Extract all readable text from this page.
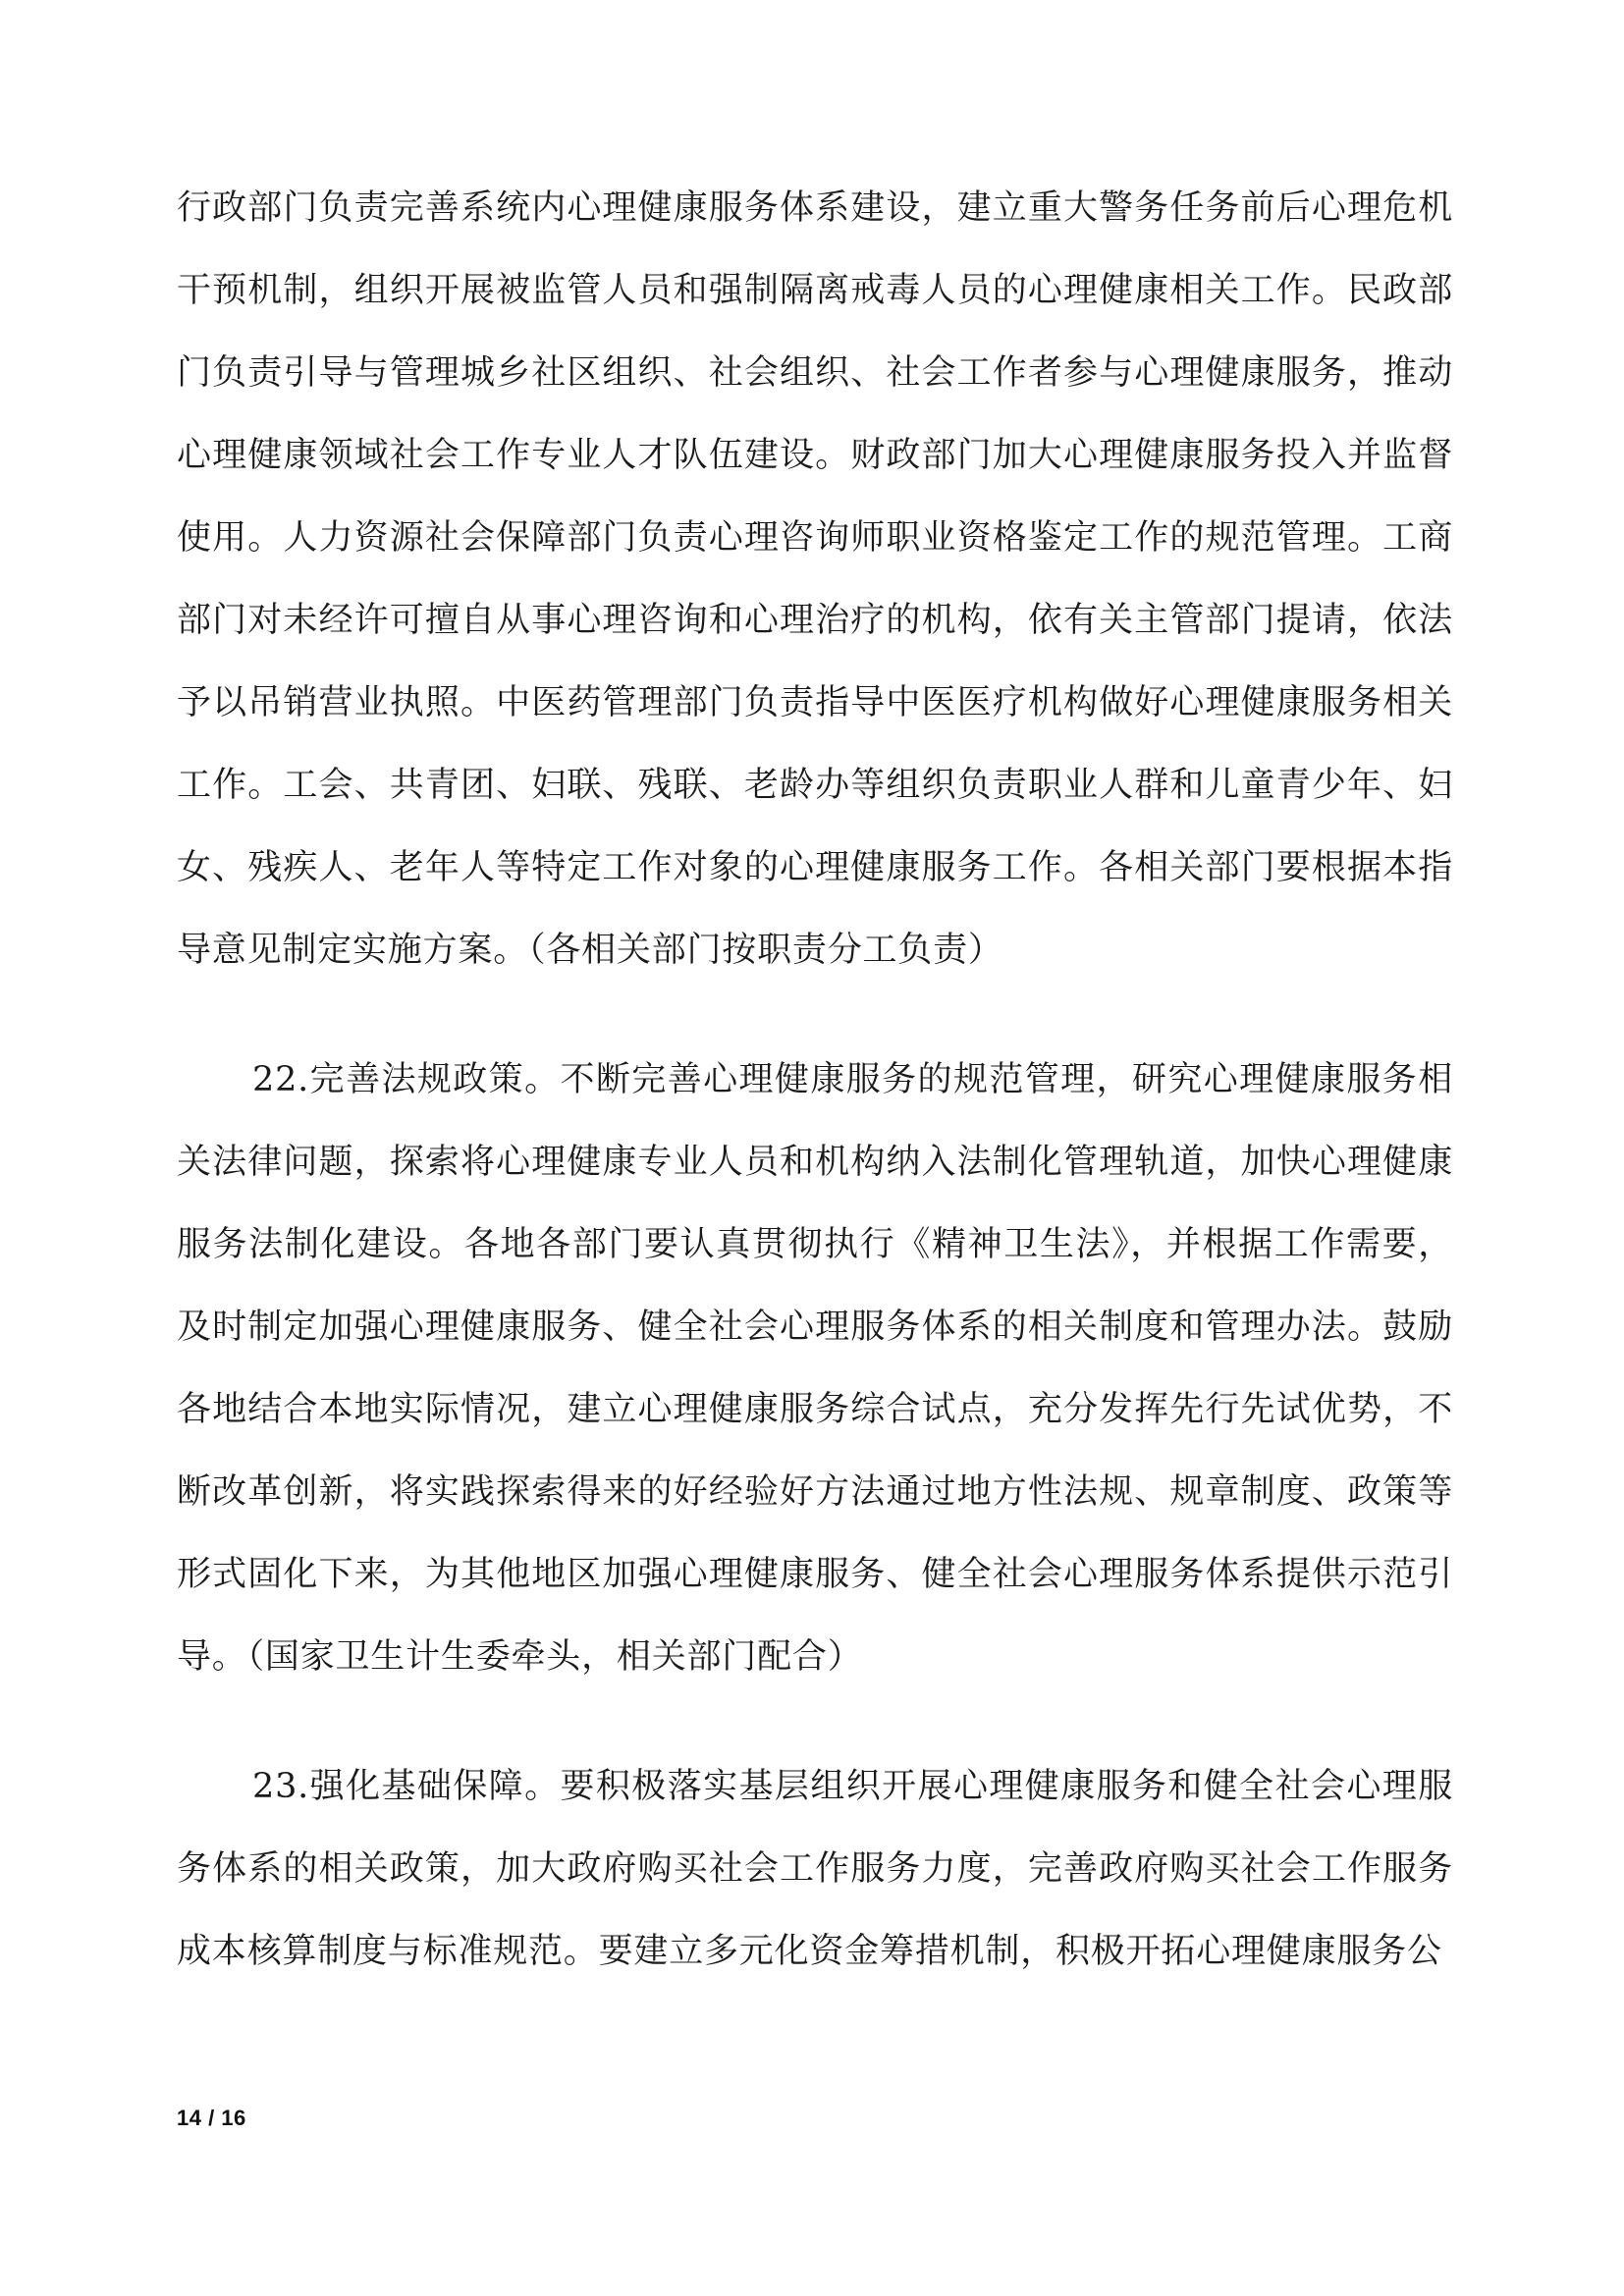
行政部门负责完善系统内心理健康服务体系建设，建立重大警务任务前后心理危机干预机制，组织开展被监管人员和强制隔离戒毒人员的心理健康相关工作。民政部门负责引导与管理城乡社区组织、社会组织、社会工作者参与心理健康服务，推动心理健康领域社会工作专业人才队伍建设。财政部门加大心理健康服务投入并监督使用。人力资源社会保障部门负责心理咨询师职业资格鉴定工作的规范管理。工商部门对未经许可擅自从事心理咨询和心理治疗的机构，依有关主管部门提请，依法予以吊销营业执照。中医药管理部门负责指导中医医疗机构做好心理健康服务相关工作。工会、共青团、妇联、残联、老龄办等组织负责职业人群和儿童青少年、妇女、残疾人、老年人等特定工作对象的心理健康服务工作。各相关部门要根据本指导意见制定实施方案。（各相关部门按职责分工负责）

22.完善法规政策。不断完善心理健康服务的规范管理，研究心理健康服务相关法律问题，探索将心理健康专业人员和机构纳入法制化管理轨道，加快心理健康服务法制化建设。各地各部门要认真贯彻执行《精神卫生法》，并根据工作需要，及时制定加强心理健康服务、健全社会心理服务体系的相关制度和管理办法。鼓励各地结合本地实际情况，建立心理健康服务综合试点，充分发挥先行先试优势，不断改革创新，将实践探索得来的好经验好方法通过地方性法规、规章制度、政策等形式固化下来，为其他地区加强心理健康服务、健全社会心理服务体系提供示范引导。（国家卫生计生委牵头，相关部门配合）

23.强化基础保障。要积极落实基层组织开展心理健康服务和健全社会心理服务体系的相关政策，加大政府购买社会工作服务力度，完善政府购买社会工作服务成本核算制度与标准规范。要建立多元化资金筹措机制，积极开拓心理健康服务公

14 / 16
